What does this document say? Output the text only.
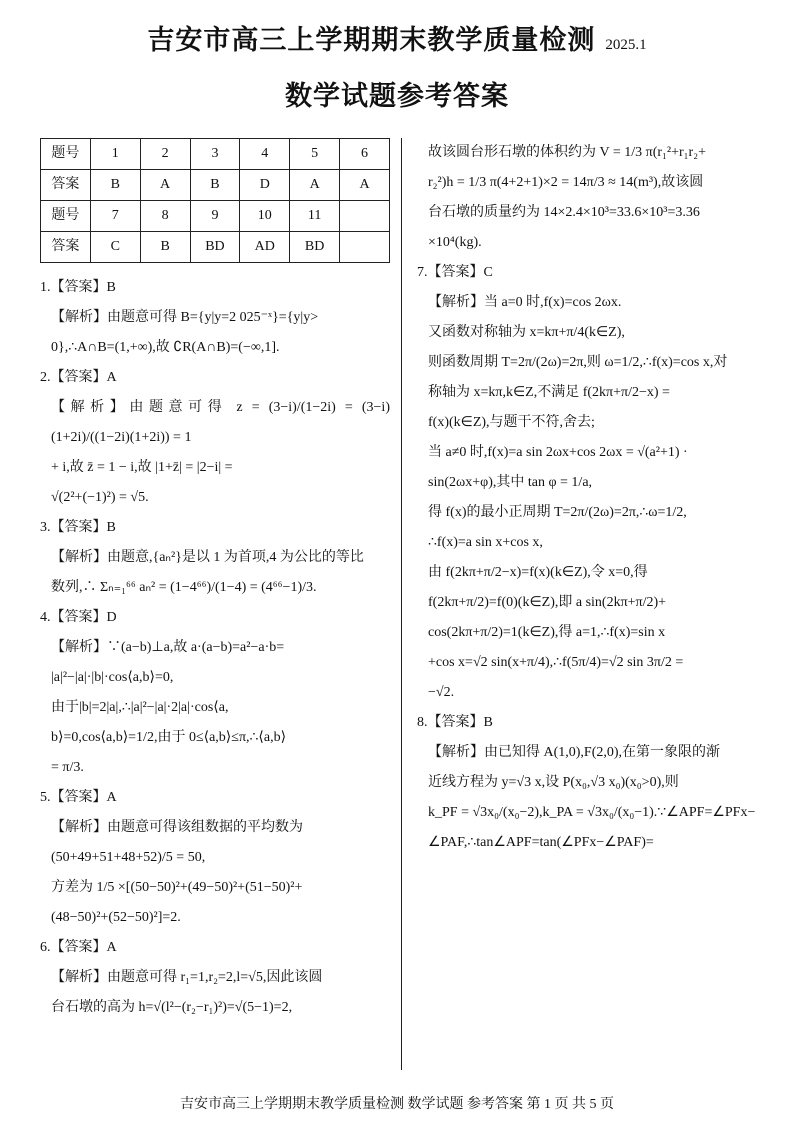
吉安市高三上学期期末教学质量检测 2025.1
数学试题参考答案
题号	1	2	3	4	5	6
答案	B	A	B	D	A	A
题号	7	8	9	10	11	
答案	C	B	BD	AD	BD	
1.【答案】B
【解析】由题意可得 B={y|y=2 025⁻ˣ}={y|y>
0},∴A∩B=(1,+∞),故 ∁R(A∩B)=(−∞,1].
2.【答案】A
【解析】由题意可得 z = (3−i)/(1−2i) = (3−i)(1+2i)/((1−2i)(1+2i)) = 1
+ i,故 z̄ = 1 − i,故 |1+z̄| = |2−i| =
√(2²+(−1)²) = √5.
3.【答案】B
【解析】由题意,{aₙ²}是以 1 为首项,4 为公比的等比
数列,∴ Σₙ₌₁⁶⁶ aₙ² = (1−4⁶⁶)/(1−4) = (4⁶⁶−1)/3.
4.【答案】D
【解析】∵(a−b)⊥a,故 a·(a−b)=a²−a·b=
|a|²−|a|·|b|·cos⟨a,b⟩=0,
由于|b|=2|a|,∴|a|²−|a|·2|a|·cos⟨a,
b⟩=0,cos⟨a,b⟩=1/2,由于 0≤⟨a,b⟩≤π,∴⟨a,b⟩
= π/3.
5.【答案】A
【解析】由题意可得该组数据的平均数为
(50+49+51+48+52)/5 = 50,
方差为 1/5 ×[(50−50)²+(49−50)²+(51−50)²+
(48−50)²+(52−50)²]=2.
6.【答案】A
【解析】由题意可得 r₁=1,r₂=2,l=√5,因此该圆
台石墩的高为 h=√(l²−(r₂−r₁)²)=√(5−1)=2,
故该圆台形石墩的体积约为 V = 1/3 π(r₁²+r₁r₂+
r₂²)h = 1/3 π(4+2+1)×2 = 14π/3 ≈ 14(m³),故该圆
台石墩的质量约为 14×2.4×10³=33.6×10³=3.36
×10⁴(kg).
7.【答案】C
【解析】当 a=0 时,f(x)=cos 2ωx.
又函数对称轴为 x=kπ+π/4(k∈Z),
则函数周期 T=2π/(2ω)=2π,则 ω=1/2,∴f(x)=cos x,对
称轴为 x=kπ,k∈Z,不满足 f(2kπ+π/2−x) =
f(x)(k∈Z),与题干不符,舍去;
当 a≠0 时,f(x)=a sin 2ωx+cos 2ωx = √(a²+1) ·
sin(2ωx+φ),其中 tan φ = 1/a,
得 f(x)的最小正周期 T=2π/(2ω)=2π,∴ω=1/2,
∴f(x)=a sin x+cos x,
由 f(2kπ+π/2−x)=f(x)(k∈Z),令 x=0,得
f(2kπ+π/2)=f(0)(k∈Z),即 a sin(2kπ+π/2)+
cos(2kπ+π/2)=1(k∈Z),得 a=1,∴f(x)=sin x
+cos x=√2 sin(x+π/4),∴f(5π/4)=√2 sin 3π/2 =
−√2.
8.【答案】B
【解析】由已知得 A(1,0),F(2,0),在第一象限的渐
近线方程为 y=√3 x,设 P(x₀,√3 x₀)(x₀>0),则
k_PF = √3x₀/(x₀−2),k_PA = √3x₀/(x₀−1).∵∠APF=∠PFx−
∠PAF,∴tan∠APF=tan(∠PFx−∠PAF)=
吉安市高三上学期期末教学质量检测 数学试题 参考答案 第 1 页 共 5 页
